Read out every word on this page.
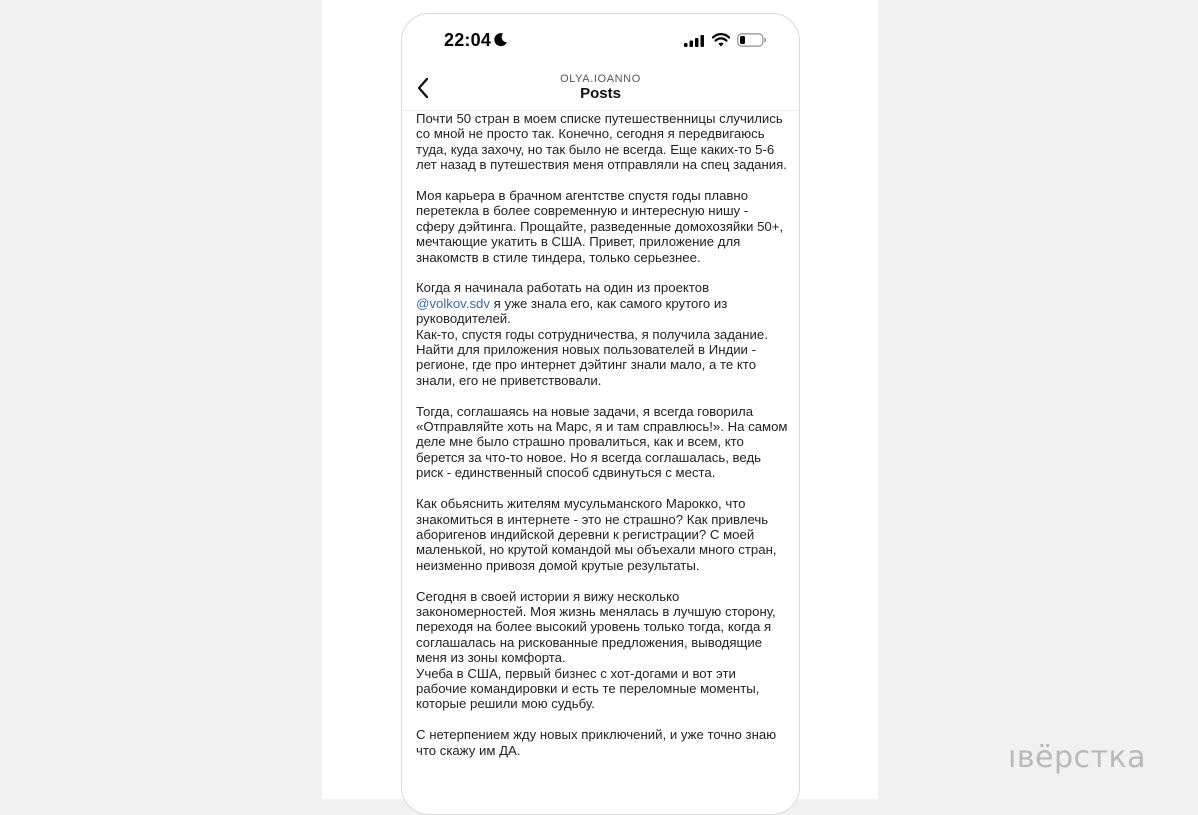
22:04
OLYA.IOANNO
Posts

Почти 50 стран в моем списке путешественницы случились со мной не просто так. Конечно, сегодня я передвигаюсь туда, куда захочу, но так было не всегда. Еще каких-то 5-6 лет назад в путешествия меня отправляли на спец задания.

Моя карьера в брачном агентстве спустя годы плавно перетекла в более современную и интересную нишу - сферу дэйтинга. Прощайте, разведенные домохозяйки 50+, мечтающие укатить в США. Привет, приложение для знакомств в стиле тиндера, только серьезнее.

Когда я начинала работать на один из проектов
@volkov.sdv я уже знала его, как самого крутого из руководителей.

Как-то, спустя годы сотрудничества, я получила задание. Найти для приложения новых пользователей в Индии - регионе, где про интернет дэйтинг знали мало, а те кто знали, его не приветствовали.

Тогда, соглашаясь на новые задачи, я всегда говорила «Отправляйте хоть на Марс, я и там справлюсь!». На самом деле мне было страшно провалиться, как и всем, кто берется за что-то новое. Но я всегда соглашалась, ведь риск - единственный способ сдвинуться с места.

Как обьяснить жителям мусульманского Марокко, что знакомиться в интернете - это не страшно? Как привлечь аборигенов индийской деревни к регистрации? С моей маленькой, но крутой командой мы объехали много стран, неизменно привозя домой крутые результаты.

Сегодня в своей истории я вижу несколько закономерностей. Моя жизнь менялась в лучшую сторону, переходя на более высокий уровень только тогда, когда я соглашалась на рискованные предложения, выводящие меня из зоны комфорта.

Учеба в США, первый бизнес с хот-догами и вот эти рабочие командировки и есть те переломные моменты, которые решили мою судьбу.

С нетерпением жду новых приключений, и уже точно знаю что скажу им ДА.	ıвёрстка
